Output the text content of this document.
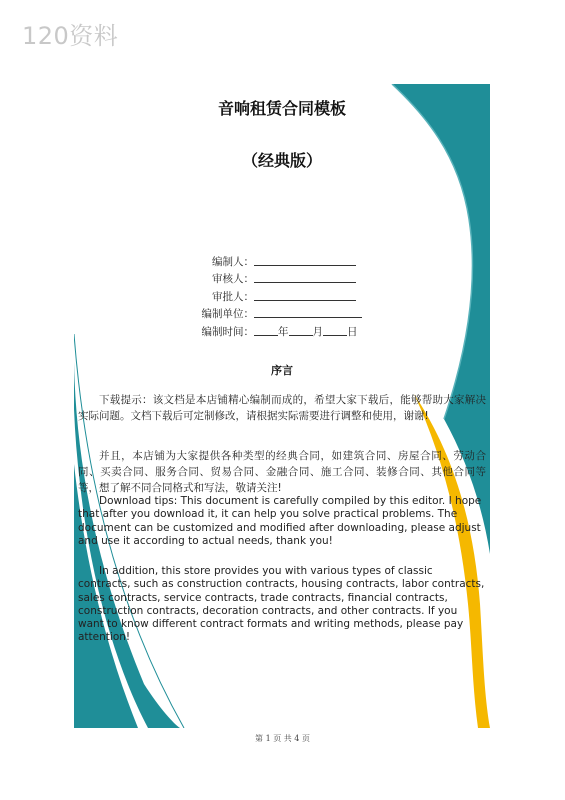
120资料
音响租赁合同模板
（经典版）
编制人：
审核人：
审批人：
编制单位：
编制时间： 年 月 日
序言
下载提示：该文档是本店铺精心编制而成的，希望大家下载后，能够帮助大家解决实际问题。文档下载后可定制修改，请根据实际需要进行调整和使用，谢谢!
并且，本店铺为大家提供各种类型的经典合同，如建筑合同、房屋合同、劳动合同、买卖合同、服务合同、贸易合同、金融合同、施工合同、装修合同、其他合同等等，想了解不同合同格式和写法，敬请关注!
Download tips: This document is carefully compiled by this editor. I hope that after you download it, it can help you solve practical problems. The document can be customized and modified after downloading, please adjust and use it according to actual needs, thank you!
In addition, this store provides you with various types of classic contracts, such as construction contracts, housing contracts, labor contracts, sales contracts, service contracts, trade contracts, financial contracts, construction contracts, decoration contracts, and other contracts. If you want to know different contract formats and writing methods, please pay attention!
第 1 页 共 4 页
